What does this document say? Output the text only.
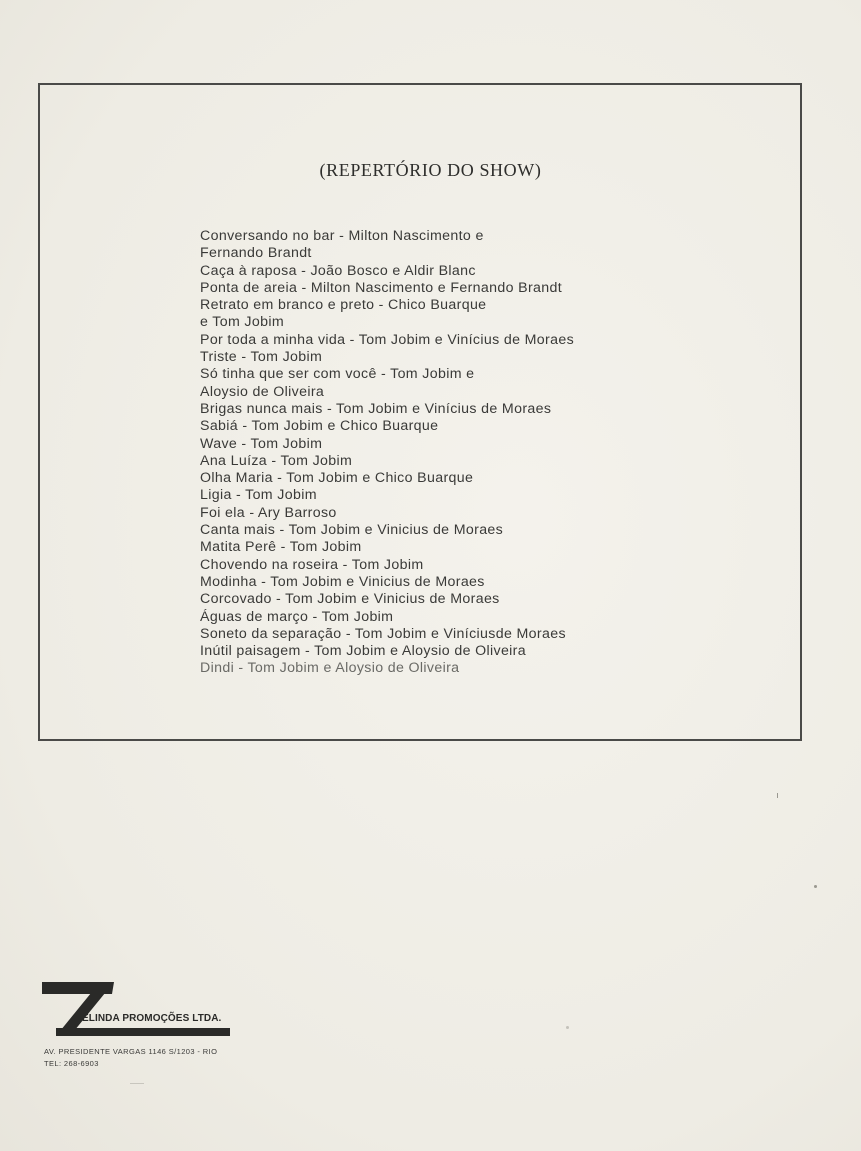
(REPERTÓRIO DO SHOW)
Conversando no bar - Milton Nascimento e
Fernando Brandt
Caça à raposa - João Bosco e Aldir Blanc
Ponta de areia - Milton Nascimento e Fernando Brandt
Retrato em branco e preto - Chico Buarque
e Tom Jobim
Por toda a minha vida - Tom Jobim e Vinícius de Moraes
Triste - Tom Jobim
Só tinha que ser com você - Tom Jobim e
Aloysio de Oliveira
Brigas nunca mais - Tom Jobim e Vinícius de Moraes
Sabiá - Tom Jobim e Chico Buarque
Wave - Tom Jobim
Ana Luíza - Tom Jobim
Olha Maria - Tom Jobim e Chico Buarque
Ligia - Tom Jobim
Foi ela - Ary Barroso
Canta mais - Tom Jobim e Vinicius de Moraes
Matita Perê - Tom Jobim
Chovendo na roseira - Tom Jobim
Modinha - Tom Jobim e Vinicius de Moraes
Corcovado - Tom Jobim e Vinicius de Moraes
Águas de março - Tom Jobim
Soneto da separação - Tom Jobim e Viníciusde Moraes
Inútil paisagem - Tom Jobim e Aloysio de Oliveira
Dindi - Tom Jobim e Aloysio de Oliveira
ELINDA PROMOÇÕES LTDA.
AV. PRESIDENTE VARGAS 1146 S/1203 - RIO
TEL: 268-6903
